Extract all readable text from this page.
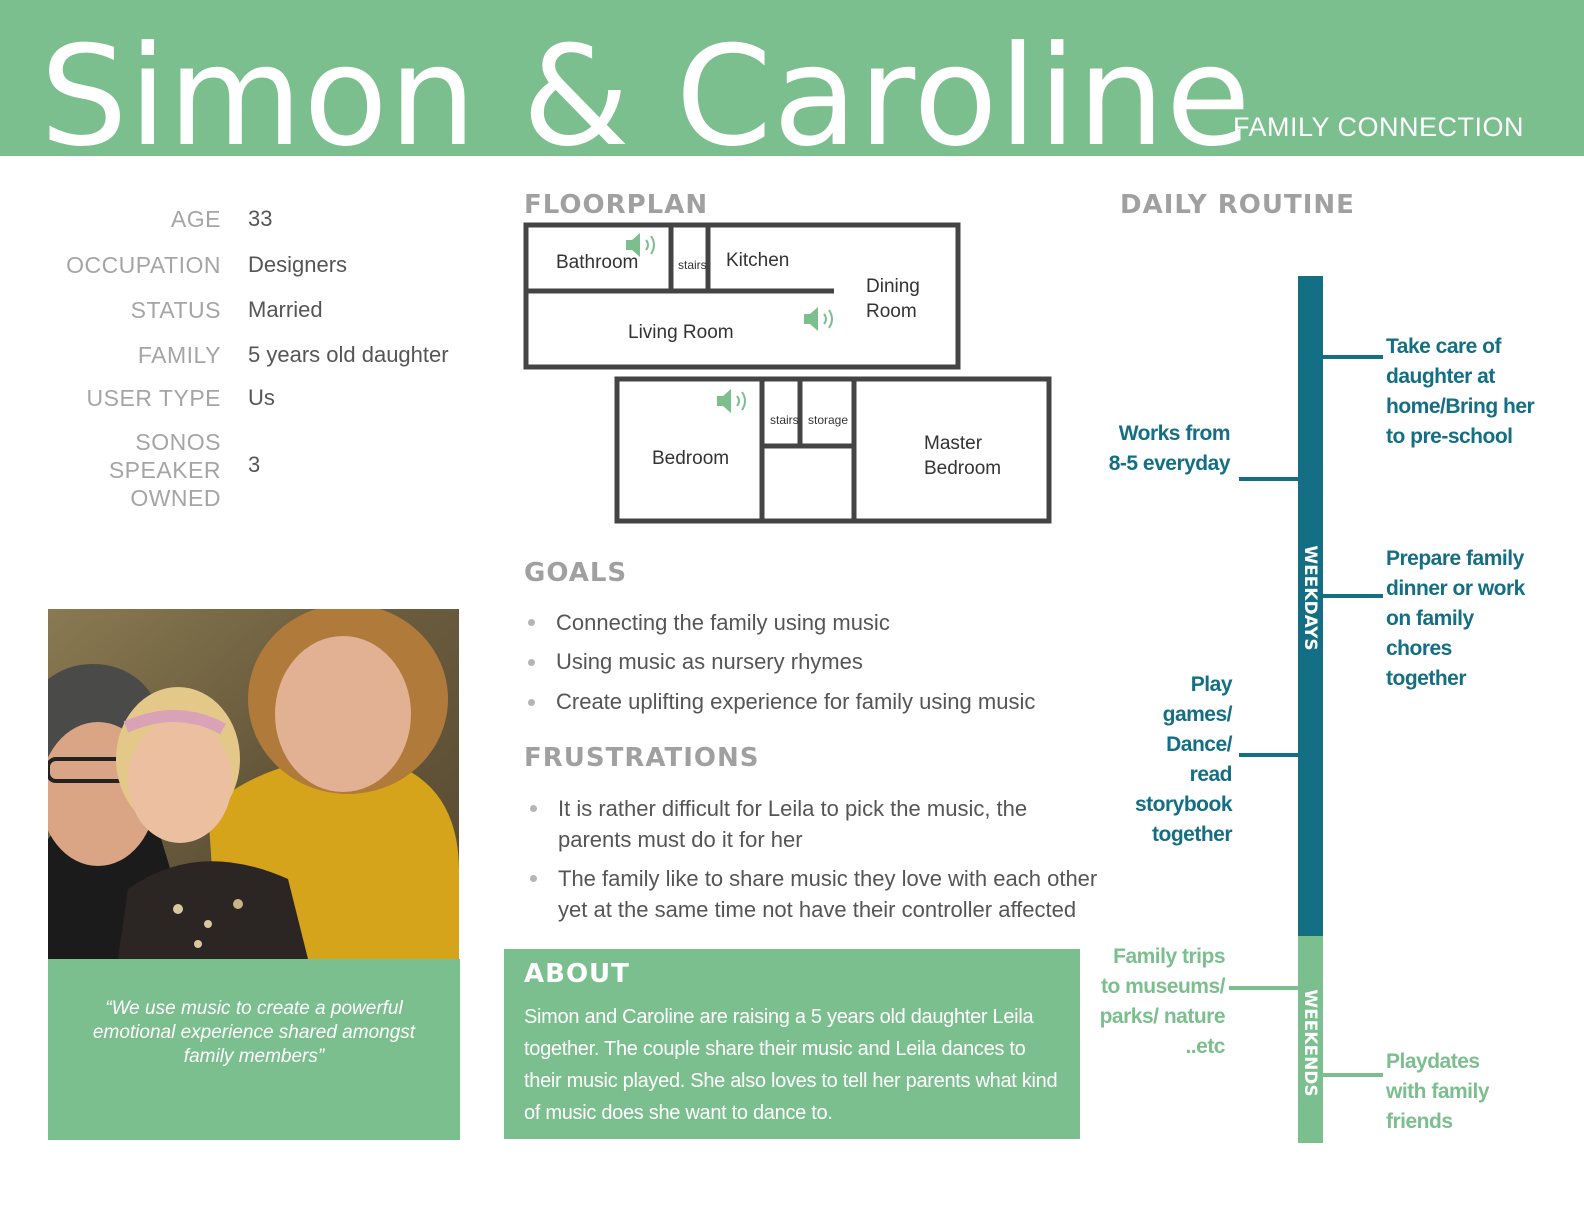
Simon & Caroline
FAMILY CONNECTION
AGE 33
OCCUPATION Designers
STATUS Married
FAMILY 5 years old daughter
USER TYPE Us
SONOS
SPEAKER
OWNED
3
“We use music to create a powerful emotional experience shared amongst family members”
FLOORPLAN
Bathroom	stairs Kitchen
Dining
Room
Living Room
Bedroom
stairs storage
Master
Bedroom
GOALS
Connecting the family using music
Using music as nursery rhymes
Create uplifting experience for family using music
FRUSTRATIONS
It is rather difficult for Leila to pick the music, the parents must do it for her
The family like to share music they love with each other yet at the same time not have their controller affected
ABOUT
Simon and Caroline are raising a 5 years old daughter Leila together. The couple share their music and Leila dances to their music played. She also loves to tell her parents what kind of music does she want to dance to.
DAILY ROUTINE
WEEKDAYS
WEEKENDS
Take care of daughter at home/Bring her to pre-school
Works from 8-5 everyday
Prepare family dinner or work on family chores together
Play games/ Dance/ read storybook together
Family trips to museums/ parks/ nature ..etc
Playdates with family friends
